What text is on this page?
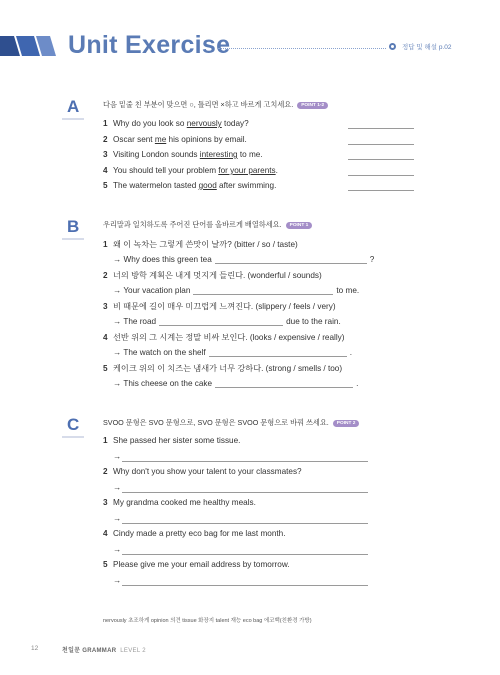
Unit Exercise	정답 및 해설 p.02
A	다음 밑줄 친 부분이 맞으면 ○, 틀리면 ×하고 바르게 고치세요. POINT 1-2
1 Why do you look so nervously today?
2 Oscar sent me his opinions by email.
3 Visiting London sounds interesting to me.
4 You should tell your problem for your parents.
5 The watermelon tasted good after swimming.
B	우리말과 일치하도록 주어진 단어를 올바르게 배열하세요. POINT 1
1 왜 이 녹차는 그렇게 쓴맛이 날까? (bitter / so / taste)
→ Why does this green tea	?
2 너의 방학 계획은 내게 멋지게 들린다. (wonderful / sounds)
→ Your vacation plan	to me.
3 비 때문에 길이 매우 미끄럽게 느껴진다. (slippery / feels / very)
→ The road	due to the rain.
4 선반 위의 그 시계는 정말 비싸 보인다. (looks / expensive / really)
→ The watch on the shelf	.
5 케이크 위의 이 치즈는 냄새가 너무 강하다. (strong / smells / too)
→ This cheese on the cake	.
C	SVOO 문형은 SVO 문형으로, SVO 문형은 SVOO 문형으로 바꿔 쓰세요. POINT 2
1 She passed her sister some tissue.
→
2 Why don't you show your talent to your classmates?
→
3 My grandma cooked me healthy meals.
→
4 Cindy made a pretty eco bag for me last month.
→
5 Please give me your email address by tomorrow.
→
nervously 초조하게 opinion 의견 tissue 화장지 talent 재능 eco bag 에코백(친환경 가방)
12	천일문 GRAMMAR LEVEL 2
